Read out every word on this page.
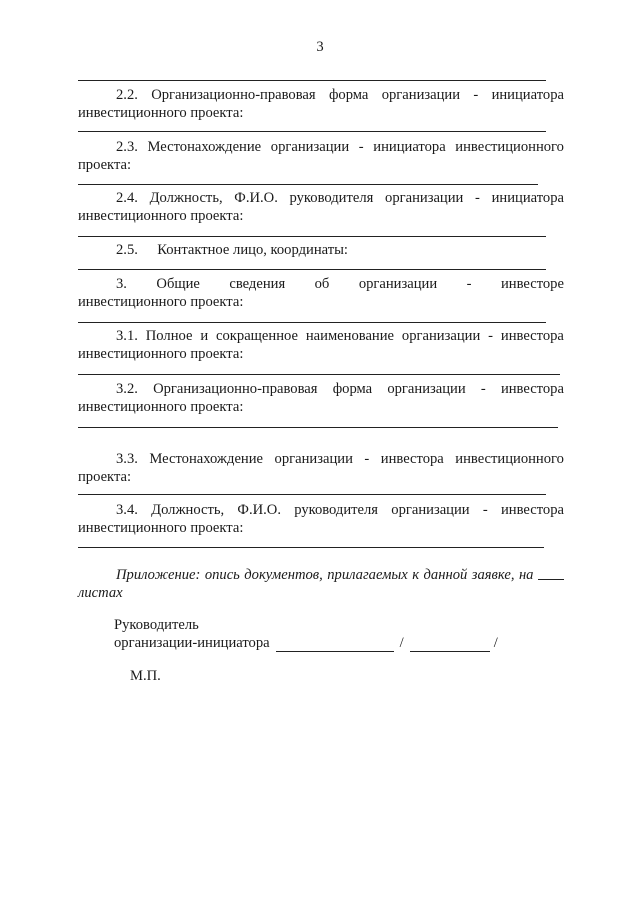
3
2.2. Организационно-правовая форма организации - инициатора
инвестиционного проекта:
2.3. Местонахождение организации - инициатора инвестиционного
проекта:
2.4. Должность, Ф.И.О. руководителя организации - инициатора
инвестиционного проекта:
2.5. Контактное лицо, координаты:
3. Общие сведения об организации - инвесторе
инвестиционного проекта:
3.1. Полное и сокращенное наименование организации - инвестора
инвестиционного проекта:
3.2. Организационно-правовая форма организации - инвестора
инвестиционного проекта:
3.3. Местонахождение организации - инвестора инвестиционного
проекта:
3.4. Должность, Ф.И.О. руководителя организации - инвестора
инвестиционного проекта:
Приложение: опись документов, прилагаемых к данной заявке, на
листах
Руководитель
организации-инициатора	/	/
М.П.
